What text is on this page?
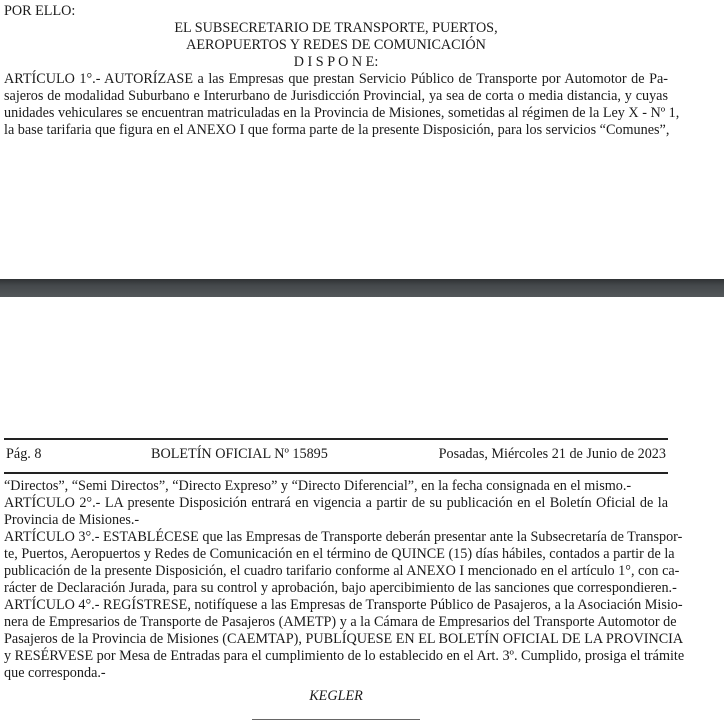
POR ELLO:
EL SUBSECRETARIO DE TRANSPORTE, PUERTOS,
AEROPUERTOS Y REDES DE COMUNICACIÓN
D I S P O N E:
ARTÍCULO 1°.- AUTORÍZASE a las Empresas que prestan Servicio Público de Transporte por Automotor de Pa-
sajeros de modalidad Suburbano e Interurbano de Jurisdicción Provincial, ya sea de corta o media distancia, y cuyas
unidades vehiculares se encuentran matriculadas en la Provincia de Misiones, sometidas al régimen de la Ley X - Nº 1,
la base tarifaria que figura en el ANEXO I que forma parte de la presente Disposición, para los servicios “Comunes”,
Pág. 8	BOLETÍN OFICIAL Nº 15895	Posadas, Miércoles 21 de Junio de 2023
“Directos”, “Semi Directos”, “Directo Expreso” y “Directo Diferencial”, en la fecha consignada en el mismo.-
ARTÍCULO 2°.- LA presente Disposición entrará en vigencia a partir de su publicación en el Boletín Oficial de la
Provincia de Misiones.-
ARTÍCULO 3°.- ESTABLÉCESE que las Empresas de Transporte deberán presentar ante la Subsecretaría de Transpor-
te, Puertos, Aeropuertos y Redes de Comunicación en el término de QUINCE (15) días hábiles, contados a partir de la
publicación de la presente Disposición, el cuadro tarifario conforme al ANEXO I mencionado en el artículo 1°, con ca-
rácter de Declaración Jurada, para su control y aprobación, bajo apercibimiento de las sanciones que correspondieren.-
ARTÍCULO 4°.- REGÍSTRESE, notifíquese a las Empresas de Transporte Público de Pasajeros, a la Asociación Misio-
nera de Empresarios de Transporte de Pasajeros (AMETP) y a la Cámara de Empresarios del Transporte Automotor de
Pasajeros de la Provincia de Misiones (CAEMTAP), PUBLÍQUESE EN EL BOLETÍN OFICIAL DE LA PROVINCIA
y RESÉRVESE por Mesa de Entradas para el cumplimiento de lo establecido en el Art. 3º. Cumplido, prosiga el trámite
que corresponda.-
KEGLER
